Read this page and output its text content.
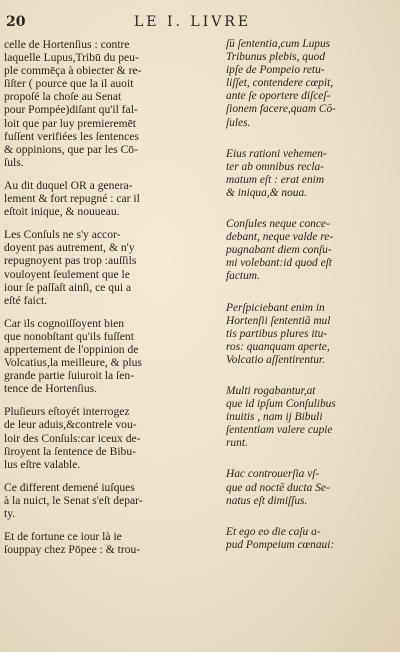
20	LE I. LIVRE
celle de Hortenſius : contre
laquelle Lupus,Tribū du peu-
ple commēça à obiecter & re-
ſiſter ( pource que la il auoit
propoſé la choſe au Senat
pour Pompée)diſant qu'il fal-
loit que par luy premieremēt
fuſſent verifiées les ſentences
& oppinions, que par les Cō-
ſuls.
Au dit duquel OR a genera-
lement & fort repugné : car il
eſtoit inique, & nouueau.
Les Conſuls ne s'y accor-
doyent pas autrement, & n'y
repugnoyent pas trop :auſſils
vouloyent ſeulement que le
iour ſe paſſaſt ainſi, ce qui a
eſté faict.
Car ils cognoiſſoyent bien
que nonobſtant qu'ils fuſſent
appertement de l'oppinion de
Volcatius,la meilleure, & plus
grande partie ſuiuroit la ſen-
tence de Hortenſius.
Pluſieurs eſtoyét interrogez
de leur aduis,&contrele vou-
loir des Conſuls:car iceux de-
ſiroyent la ſentence de Bibu-
lus eſtre valable.
Ce different demené iuſques
à la nuict, le Senat s'eſt depar-
ty.
Et de fortune ce iour là ie
ſouppay chez Pōpee : & trou-
ſū ſententia,cum Lupus
Tribunus plebis, quod
ipſe de Pompeio retu-
liſſet, contendere cœpit,
ante ſe oportere diſceſ-
ſionem facere,quam Cō-
ſules.
Eius rationi vehemen-
ter ab omnibus recla-
matum eſt : erat enim
& iniqua,& noua.
Conſules neque conce-
debant, neque valde re-
pugnabant diem conſu-
mi volebant:id quod eſt
factum.
Perſpiciebant enim in
Hortenſii ſententiā mul
tis partibus plures itu-
ros: quanquam aperte,
Volcatio aſſentirentur.
Multi rogabantur,at
que id ipſum Conſulibus
inuitis , nam ij Bibuli
ſententiam valere cupie
runt.
Hac controuerſia vſ-
que ad noctē ducta Se-
natus eſt dimiſſus.
Et ego eo die caſu a-
pud Pompeium cœnaui:
